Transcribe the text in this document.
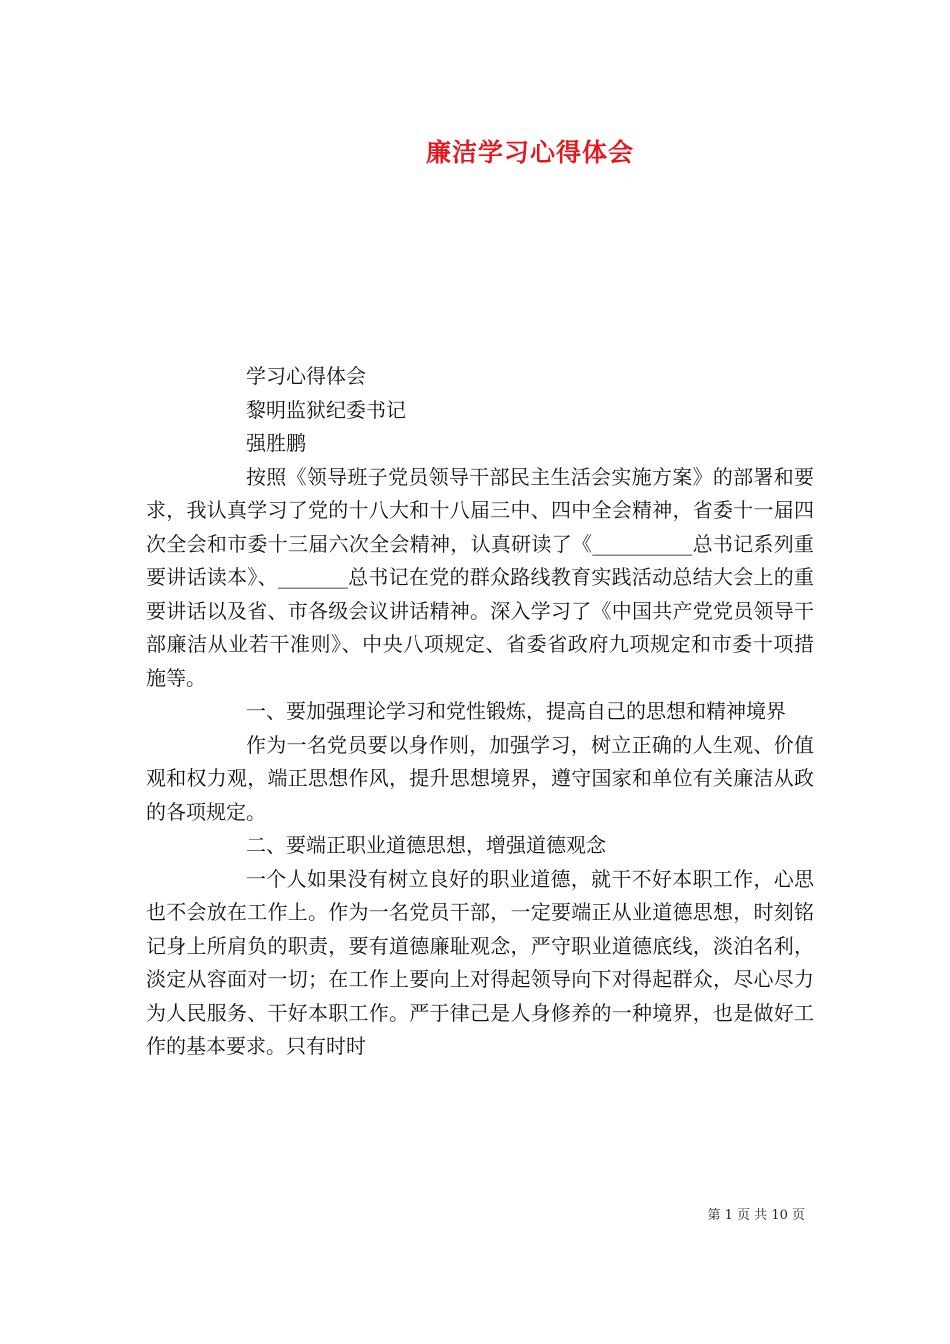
廉洁学习心得体会

学习心得体会

黎明监狱纪委书记

强胜鹏

按照《领导班子党员领导干部民主生活会实施方案》的部署和要求，我认真学习了党的十八大和十八届三中、四中全会精神，省委十一届四次全会和市委十三届六次全会精神，认真研读了《__________总书记系列重要讲话读本》、_______总书记在党的群众路线教育实践活动总结大会上的重要讲话以及省、市各级会议讲话精神。深入学习了《中国共产党党员领导干部廉洁从业若干准则》、中央八项规定、省委省政府九项规定和市委十项措施等。

一、要加强理论学习和党性锻炼，提高自己的思想和精神境界

作为一名党员要以身作则，加强学习，树立正确的人生观、价值观和权力观，端正思想作风，提升思想境界，遵守国家和单位有关廉洁从政的各项规定。

二、要端正职业道德思想，增强道德观念

一个人如果没有树立良好的职业道德，就干不好本职工作，心思也不会放在工作上。作为一名党员干部，一定要端正从业道德思想，时刻铭记身上所肩负的职责，要有道德廉耻观念，严守职业道德底线，淡泊名利，淡定从容面对一切；在工作上要向上对得起领导向下对得起群众，尽心尽力为人民服务、干好本职工作。严于律己是人身修养的一种境界，也是做好工作的基本要求。只有时时

第 1 页 共 10 页
